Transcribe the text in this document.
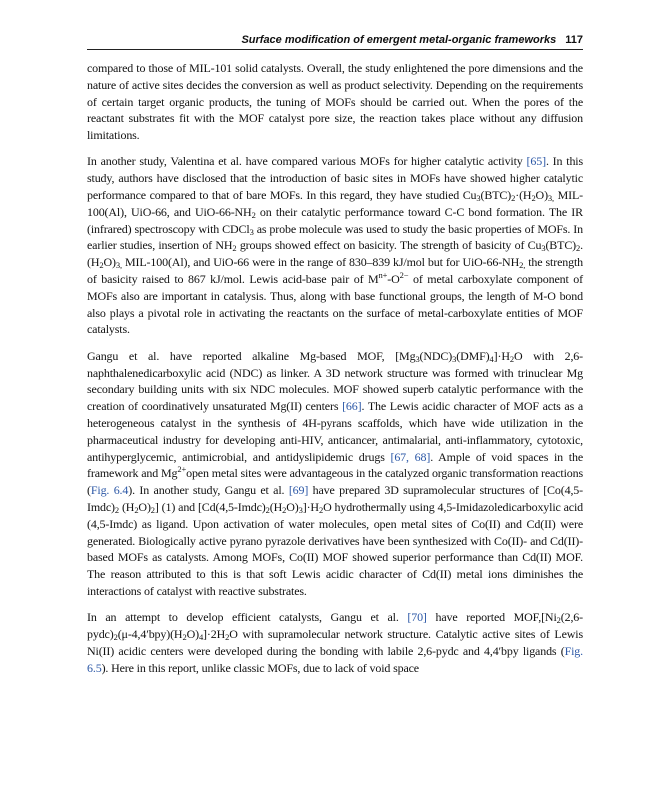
Surface modification of emergent metal-organic frameworks 117

compared to those of MIL-101 solid catalysts. Overall, the study enlightened the pore dimensions and the nature of active sites decides the conversion as well as product selectivity. Depending on the requirements of certain target organic products, the tuning of MOFs should be carried out. When the pores of the reactant substrates fit with the MOF catalyst pore size, the reaction takes place without any diffusion limitations.

In another study, Valentina et al. have compared various MOFs for higher catalytic activity [65]. In this study, authors have disclosed that the introduction of basic sites in MOFs have showed higher catalytic performance compared to that of bare MOFs. In this regard, they have studied $Cu_3(BTC)_2\cdot(H_2O)_{3,}$ MIL-100(Al), UiO-66, and UiO-$66-NH_2$ on their catalytic performance toward C-C bond formation. The IR (infrared) spectroscopy with CDCl$_3$ as probe molecule was used to study the basic properties of MOFs. In earlier studies, insertion of $NH_2$ groups showed effect on basicity. The strength of basicity of $Cu_3(BTC)_2.(H_2O)_{3,}$ MIL-100(Al), and UiO-66 were in the range of 830–839 kJ/mol but for UiO-$66-NH_{2,}$ the strength of basicity raised to 867 kJ/mol. Lewis acid-base pair of $M^{n+}-O^{2-}$ of metal carboxylate component of MOFs also are important in catalysis. Thus, along with base functional groups, the length of M-O bond also plays a pivotal role in activating the reactants on the surface of metal-carboxylate entities of MOF catalysts.

Gangu et al. have reported alkaline Mg-based MOF, $[Mg_3(NDC)_3(DMF)_4]\cdot H_2O$ with 2,6-naphthalenedicarboxylic acid (NDC) as linker. A 3D network structure was formed with trinuclear Mg secondary building units with six NDC molecules. MOF showed superb catalytic performance with the creation of coordinatively unsaturated Mg(II) centers [66]. The Lewis acidic character of MOF acts as a heterogeneous catalyst in the synthesis of 4H-pyrans scaffolds, which have wide utilization in the pharmaceutical industry for developing anti-HIV, anticancer, antimalarial, anti-inflammatory, cytotoxic, antihyperglycemic, antimicrobial, and antidyslipidemic drugs [67, 68]. Ample of void spaces in the framework and $Mg^{2+}open$ metal sites were advantageous in the catalyzed organic transformation reactions (Fig. 6.4). In another study, Gangu et al. [69] have prepared 3D supramolecular structures of [$Co(4,5-Imdc)_2$ $(H_2O)_2$] (1) and $[Cd(4,5-Imdc)_2(H_2O)_3]\cdot H_2O$ hydrothermally using 4,5-Imidazoledicarboxylic acid (4,5-Imdc) as ligand. Upon activation of water molecules, open metal sites of Co(II) and Cd(II) were generated. Biologically active pyrano pyrazole derivatives have been synthesized with Co(II)- and Cd(II)-based MOFs as catalysts. Among MOFs, Co(II) MOF showed superior performance than Cd(II) MOF. The reason attributed to this is that soft Lewis acidic character of Cd(II) metal ions diminishes the interactions of catalyst with reactive substrates.

In an attempt to develop efficient catalysts, Gangu et al. [70] have reported $MOF,[Ni_2(2,6-pydc)_2(\mu-4,4'bpy)(H_2O)_4]\cdot 2H_2O$ with supramolecular network structure. Catalytic active sites of Lewis Ni(II) acidic centers were developed during the bonding with labile 2,6-pydc and 4,4′bpy ligands (Fig. 6.5). Here in this report, unlike classic MOFs, due to lack of void space
